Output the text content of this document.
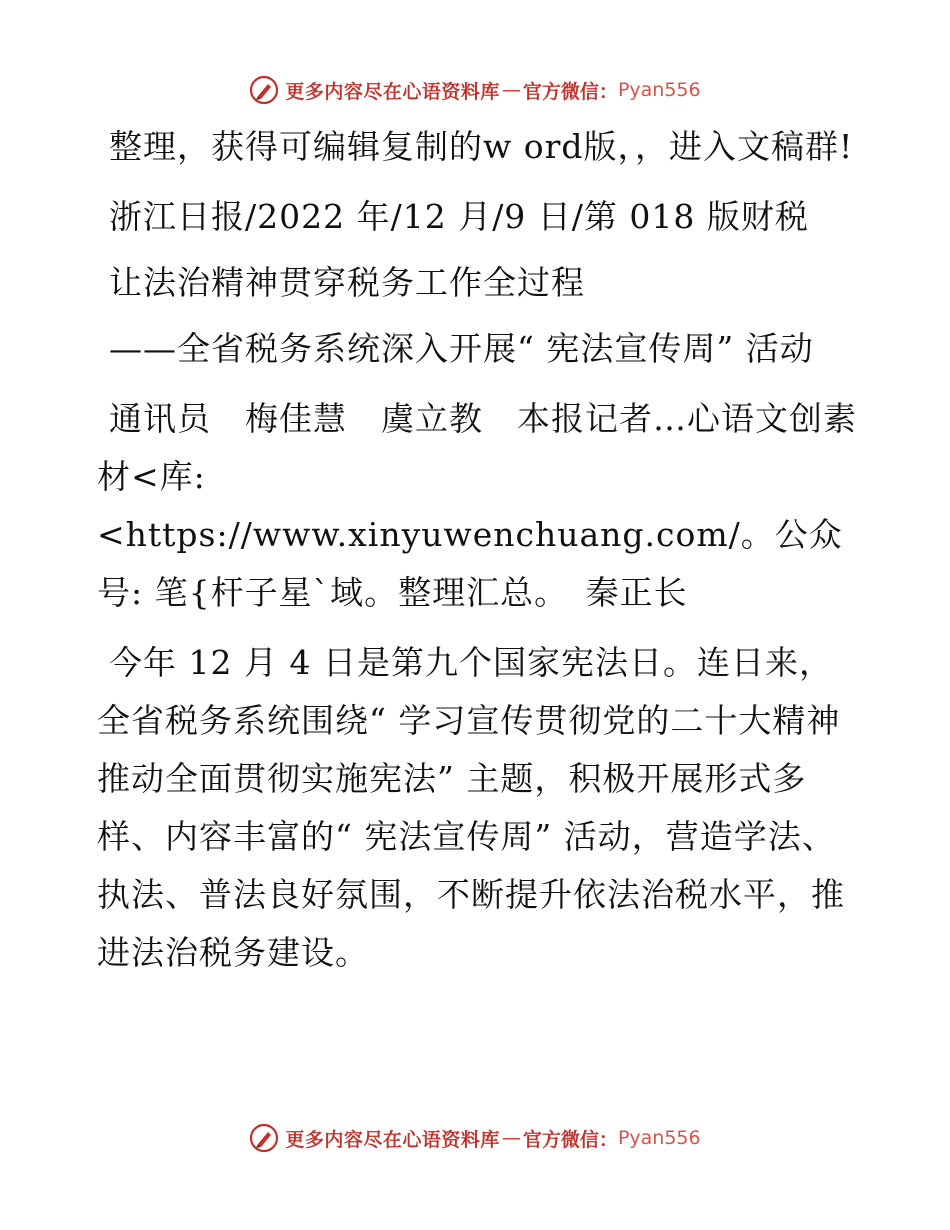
更多内容尽在心语资料库 — 官方微信： Pyan556

整理，获得可编辑复制的w ord版，，进入文稿群!

浙江日报/2022 年/12 月/9 日/第 018 版财税

让法治精神贯穿税务工作全过程

——全省税务系统深入开展“ 宪法宣传周” 活动

通讯员　梅佳慧　虞立教　本报记者…心语文创素材<库: <https://www.xinyuwenchuang.com/。公众号: 笔{杆子星`域。整理汇总。　秦正长

今年 12 月 4 日是第九个国家宪法日。连日来，全省税务系统围绕“ 学习宣传贯彻党的二十大精神 推动全面贯彻实施宪法” 主题，积极开展形式多样、内容丰富的“ 宪法宣传周” 活动，营造学法、执法、普法良好氛围，不断提升依法治税水平，推进法治税务建设。

更多内容尽在心语资料库 — 官方微信： Pyan556
